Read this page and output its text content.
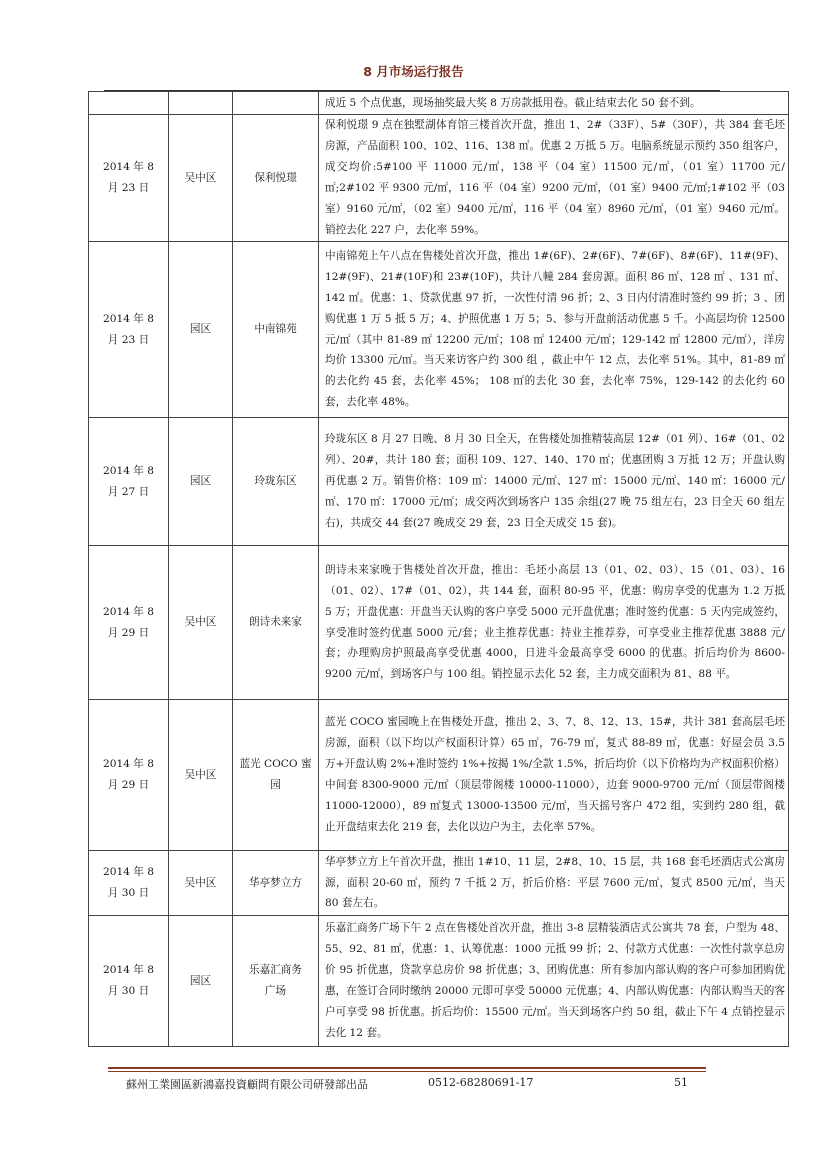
8 月市场运行报告
			成近 5 个点优惠，现场抽奖最大奖 8 万房款抵用卷。截止结束去化 50 套不到。
2014 年 8
月 23 日	吴中区	保利悦璟	保利悦璟 9 点在独墅湖体育馆三楼首次开盘，推出 1、2#（33F）、5#（30F），共 384 套毛坯房源，产品面积 100、102、116、138 ㎡。优惠 2 万抵 5 万。电脑系统显示预约 350 组客户，成交均价:5#100 平 11000 元/㎡，138 平（04 室）11500 元/㎡，（01 室）11700 元/㎡;2#102 平 9300 元/㎡，116 平（04 室）9200 元/㎡，（01 室）9400 元/㎡;1#102 平（03 室）9160 元/㎡，（02 室）9400 元/㎡，116 平（04 室）8960 元/㎡，（01 室）9460 元/㎡。销控去化 227 户，去化率 59%。
2014 年 8
月 23 日	园区	中南锦苑	中南锦苑上午八点在售楼处首次开盘，推出 1#(6F)、2#(6F)、7#(6F)、8#(6F)、11#(9F)、12#(9F)、21#(10F)和 23#(10F)，共计八幢 284 套房源。面积 86 ㎡、128 ㎡ 、131 ㎡、142 ㎡。优惠：1、贷款优惠 97 折，一次性付清 96 折；2、3 日内付清准时签约 99 折；3 、团购优惠 1 万 5 抵 5 万；4、护照优惠 1 万 5；5、参与开盘前活动优惠 5 千。小高层均价 12500 元/㎡（其中 81-89 ㎡ 12200 元/㎡；108 ㎡ 12400 元/㎡；129-142 ㎡ 12800 元/㎡），洋房均价 13300 元/㎡。当天来访客户约 300 组 ，截止中午 12 点，去化率 51%。其中，81-89 ㎡的去化约 45 套，去化率 45%； 108 ㎡的去化 30 套，去化率 75%，129-142 的去化约 60 套，去化率 48%。
2014 年 8
月 27 日	园区	玲珑东区	玲珑东区 8 月 27 日晚、8 月 30 日全天，在售楼处加推精装高层 12#（01 列）、16#（01、02 列）、20#，共计 180 套；面积 109、127、140、170 ㎡；优惠团购 3 万抵 12 万；开盘认购再优惠 2 万。销售价格：109 ㎡：14000 元/㎡、127 ㎡：15000 元/㎡、140 ㎡：16000 元/㎡、170 ㎡：17000 元/㎡；成交两次到场客户 135 余组(27 晚 75 组左右，23 日全天 60 组左右)，共成交 44 套(27 晚成交 29 套，23 日全天成交 15 套)。
2014 年 8
月 29 日	吴中区	朗诗未来家	朗诗未来家晚于售楼处首次开盘，推出：毛坯小高层 13（01、02、03）、15（01、03）、16（01、02）、17#（01、02），共 144 套，面积 80-95 平，优惠：购房享受的优惠为 1.2 万抵 5 万；开盘优惠：开盘当天认购的客户享受 5000 元开盘优惠；准时签约优惠：5 天内完成签约，享受准时签约优惠 5000 元/套；业主推荐优惠：持业主推荐券，可享受业主推荐优惠 3888 元/套；办理购房护照最高享受优惠 4000，日进斗金最高享受 6000 的优惠。折后均价为 8600-9200 元/㎡，到场客户与 100 组。销控显示去化 52 套，主力成交面积为 81、88 平。
2014 年 8
月 29 日	吴中区	蓝光 COCO 蜜
园	蓝光 COCO 蜜园晚上在售楼处开盘，推出 2、3、7、8、12、13、15#，共计 381 套高层毛坯房源，面积（以下均以产权面积计算）65 ㎡，76-79 ㎡，复式 88-89 ㎡，优惠：好屋会员 3.5 万+开盘认购 2%+准时签约 1%+按揭 1%/全款 1.5%，折后均价（以下价格均为产权面积价格）中间套 8300-9000 元/㎡（顶层带阁楼 10000-11000），边套 9000-9700 元/㎡（顶层带阁楼 11000-12000），89 ㎡复式 13000-13500 元/㎡，当天摇号客户 472 组，实到约 280 组，截止开盘结束去化 219 套，去化以边户为主，去化率 57%。
2014 年 8
月 30 日	吴中区	华亭梦立方	华亭梦立方上午首次开盘，推出 1#10、11 层，2#8、10、15 层，共 168 套毛坯酒店式公寓房源，面积 20-60 ㎡，预约 7 千抵 2 万，折后价格：平层 7600 元/㎡，复式 8500 元/㎡，当天 80 套左右。
2014 年 8
月 30 日	园区	乐嘉汇商务
广场	乐嘉汇商务广场下午 2 点在售楼处首次开盘，推出 3-8 层精装酒店式公寓共 78 套，户型为 48、55、92、81 ㎡，优惠：1、认筹优惠：1000 元抵 99 折；2、付款方式优惠：一次性付款享总房价 95 折优惠，贷款享总房价 98 折优惠；3、团购优惠：所有参加内部认购的客户可参加团购优惠，在签订合同时缴纳 20000 元即可享受 50000 元优惠；4、内部认购优惠：内部认购当天的客户可享受 98 折优惠。折后均价：15500 元/㎡。当天到场客户约 50 组，截止下午 4 点销控显示去化 12 套。
蘇州工業園區新鴻嘉投資顧問有限公司研發部出品	0512-68280691-17	51
